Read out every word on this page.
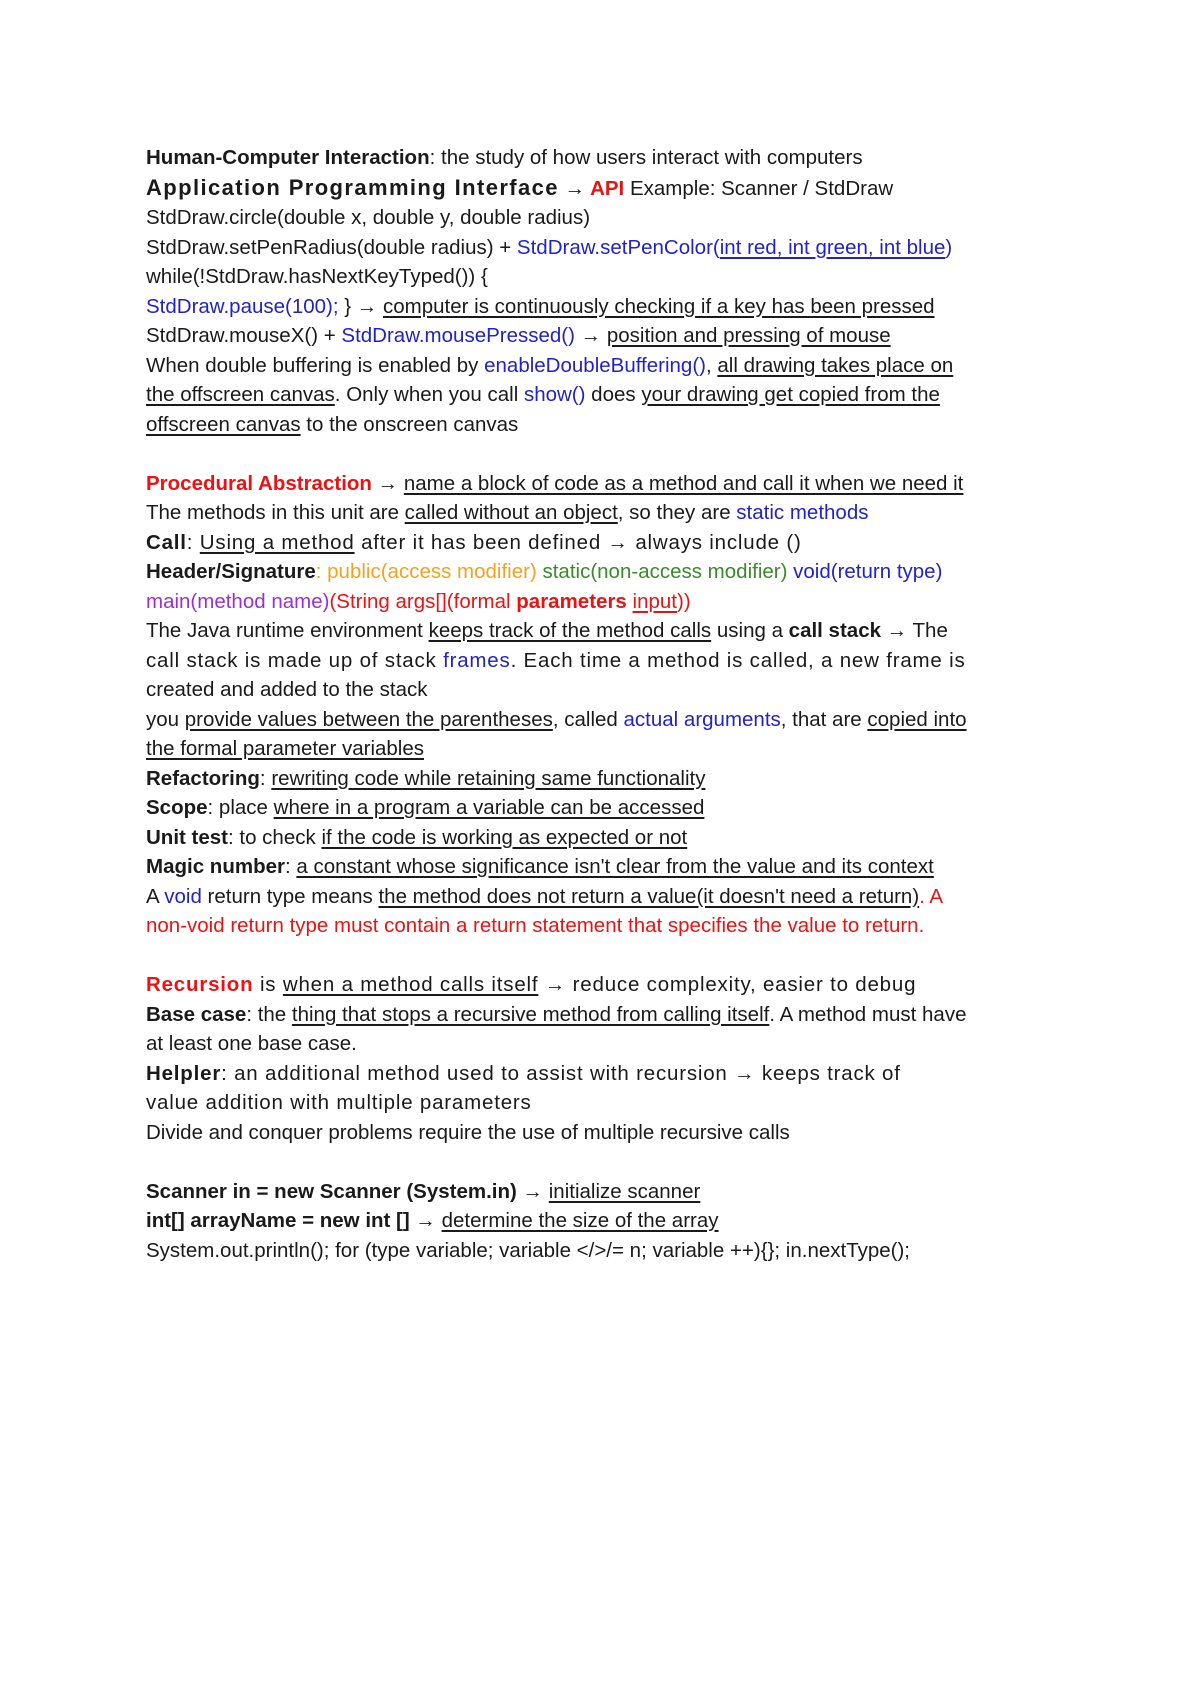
Human-Computer Interaction: the study of how users interact with computers
Application Programming Interface → API Example: Scanner / StdDraw
StdDraw.circle(double x, double y, double radius)
StdDraw.setPenRadius(double radius) + StdDraw.setPenColor(int red, int green, int blue)
while(!StdDraw.hasNextKeyTyped()) {
StdDraw.pause(100); } → computer is continuously checking if a key has been pressed
StdDraw.mouseX() + StdDraw.mousePressed() → position and pressing of mouse
When double buffering is enabled by enableDoubleBuffering(), all drawing takes place on
the offscreen canvas. Only when you call show() does your drawing get copied from the
offscreen canvas to the onscreen canvas
Procedural Abstraction → name a block of code as a method and call it when we need it
The methods in this unit are called without an object, so they are static methods
Call: Using a method after it has been defined → always include ()
Header/Signature: public(access modifier) static(non-access modifier) void(return type)
main(method name)(String args[](formal parameters input))
The Java runtime environment keeps track of the method calls using a call stack → The
call stack is made up of stack frames. Each time a method is called, a new frame is
created and added to the stack
you provide values between the parentheses, called actual arguments, that are copied into
the formal parameter variables
Refactoring: rewriting code while retaining same functionality
Scope: place where in a program a variable can be accessed
Unit test: to check if the code is working as expected or not
Magic number: a constant whose significance isn't clear from the value and its context
A void return type means the method does not return a value(it doesn't need a return). A
non-void return type must contain a return statement that specifies the value to return.
Recursion is when a method calls itself → reduce complexity, easier to debug
Base case: the thing that stops a recursive method from calling itself. A method must have
at least one base case.
Helpler: an additional method used to assist with recursion → keeps track of
value addition with multiple parameters
Divide and conquer problems require the use of multiple recursive calls
Scanner in = new Scanner (System.in) → initialize scanner
int[] arrayName = new int [] → determine the size of the array
System.out.println(); for (type variable; variable </>/= n; variable ++){}; in.nextType();
